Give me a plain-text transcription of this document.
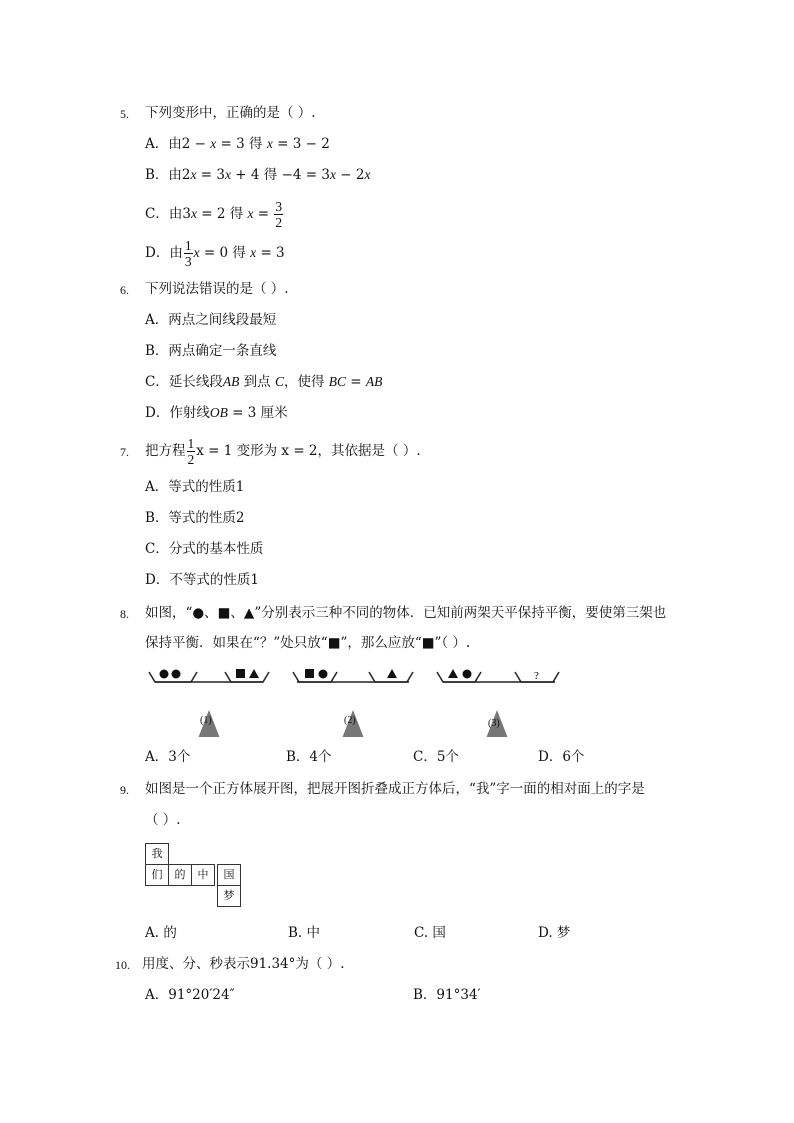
5. 下列变形中，正确的是（ ）.
A．由2 − x = 3 得 x = 3 − 2
B．由2x = 3x + 4 得 −4 = 3x − 2x
C．由3x = 2 得 $x = \frac{3}{2}$
D．由 $\frac{1}{3}$ x = 0 得 x = 3
6. 下列说法错误的是（ ）.
A．两点之间线段最短
B．两点确定一条直线
C．延长线段AB 到点 C，使得 BC = AB
D．作射线OB = 3 厘米
7. 把方程 $\frac{1}{2}$ x = 1 变形为 x = 2，其依据是（ ）.
A．等式的性质1
B．等式的性质2
C．分式的基本性质
D．不等式的性质1
8. 如图，“●、■、▲”分别表示三种不同的物体．已知前两架天平保持平衡，要使第三架也
保持平衡．如果在“？”处只放“■”，那么应放“■”（ ）.
?
(1)	(2)	(3)
A．3个	B．4个	C．5个	D．6个
9. 如图是一个正方体展开图，把展开图折叠成正方体后，“我”字一面的相对面上的字是
（ ）.
我
们	的	中	国
梦
A. 的	B. 中	C. 国	D. 梦
10. 用度、分、秒表示91.34°为（ ）.
A．91°20′24″	B．91°34′
